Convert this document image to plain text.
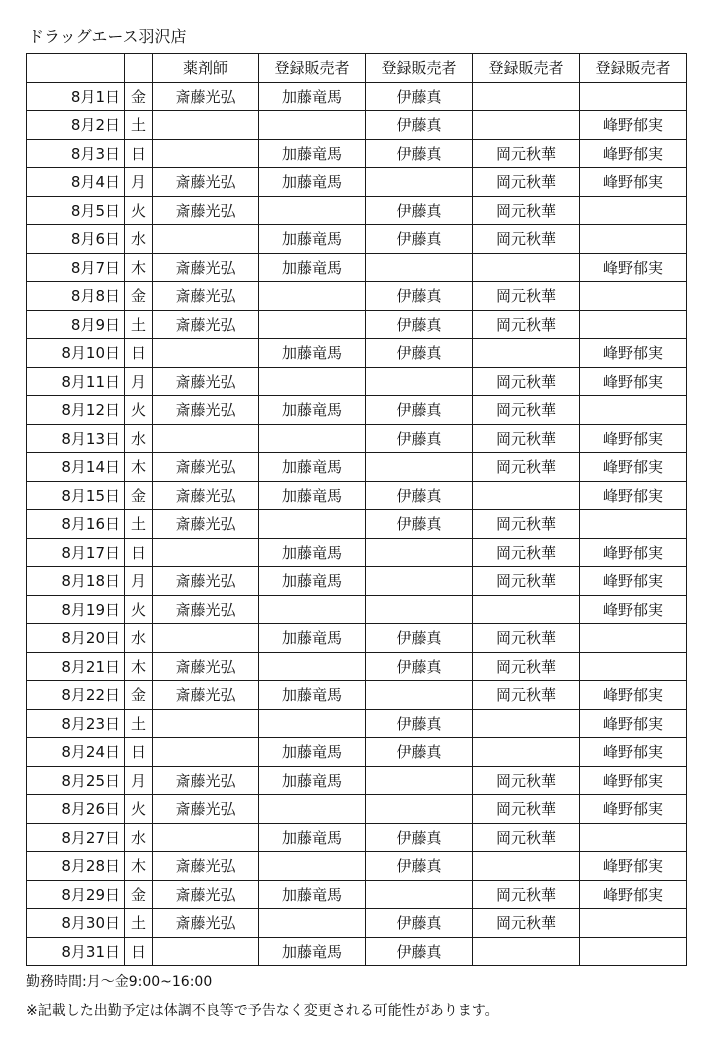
ドラッグエース羽沢店
		薬剤師	登録販売者	登録販売者	登録販売者	登録販売者
8月1日	金	斎藤光弘	加藤竜馬	伊藤真		
8月2日	土			伊藤真		峰野郁実
8月3日	日		加藤竜馬	伊藤真	岡元秋華	峰野郁実
8月4日	月	斎藤光弘	加藤竜馬		岡元秋華	峰野郁実
8月5日	火	斎藤光弘		伊藤真	岡元秋華	
8月6日	水		加藤竜馬	伊藤真	岡元秋華	
8月7日	木	斎藤光弘	加藤竜馬			峰野郁実
8月8日	金	斎藤光弘		伊藤真	岡元秋華	
8月9日	土	斎藤光弘		伊藤真	岡元秋華	
8月10日	日		加藤竜馬	伊藤真		峰野郁実
8月11日	月	斎藤光弘			岡元秋華	峰野郁実
8月12日	火	斎藤光弘	加藤竜馬	伊藤真	岡元秋華	
8月13日	水			伊藤真	岡元秋華	峰野郁実
8月14日	木	斎藤光弘	加藤竜馬		岡元秋華	峰野郁実
8月15日	金	斎藤光弘	加藤竜馬	伊藤真		峰野郁実
8月16日	土	斎藤光弘		伊藤真	岡元秋華	
8月17日	日		加藤竜馬		岡元秋華	峰野郁実
8月18日	月	斎藤光弘	加藤竜馬		岡元秋華	峰野郁実
8月19日	火	斎藤光弘				峰野郁実
8月20日	水		加藤竜馬	伊藤真	岡元秋華	
8月21日	木	斎藤光弘		伊藤真	岡元秋華	
8月22日	金	斎藤光弘	加藤竜馬		岡元秋華	峰野郁実
8月23日	土			伊藤真		峰野郁実
8月24日	日		加藤竜馬	伊藤真		峰野郁実
8月25日	月	斎藤光弘	加藤竜馬		岡元秋華	峰野郁実
8月26日	火	斎藤光弘			岡元秋華	峰野郁実
8月27日	水		加藤竜馬	伊藤真	岡元秋華	
8月28日	木	斎藤光弘		伊藤真		峰野郁実
8月29日	金	斎藤光弘	加藤竜馬		岡元秋華	峰野郁実
8月30日	土	斎藤光弘		伊藤真	岡元秋華	
8月31日	日		加藤竜馬	伊藤真		
勤務時間:月～金9:00~16:00
※記載した出勤予定は体調不良等で予告なく変更される可能性があります。
